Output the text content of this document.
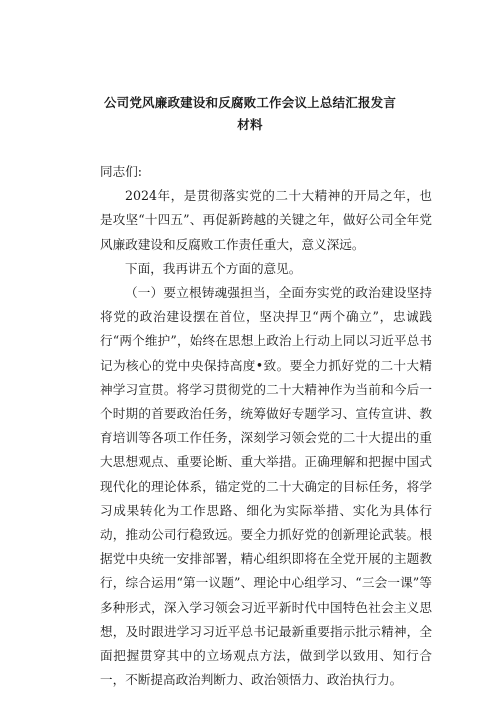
公司党风廉政建设和反腐败工作会议上总结汇报发言
材料

同志们:

2024年，是贯彻落实党的二十大精神的开局之年，也是攻坚“十四五”、再促新跨越的关键之年，做好公司全年党风廉政建设和反腐败工作责任重大，意义深远。

下面，我再讲五个方面的意见。

（一）要立根铸魂强担当，全面夯实党的政治建设坚持将党的政治建设摆在首位，坚决捍卫“两个确立”，忠诚践行“两个维护”，始终在思想上政治上行动上同以习近平总书记为核心的党中央保持高度•致。要全力抓好党的二十大精神学习宣贯。将学习贯彻党的二十大精神作为当前和今后一个时期的首要政治任务，统筹做好专题学习、宣传宣讲、教育培训等各项工作任务，深刻学习领会党的二十大提出的重大思想观点、重要论断、重大举措。正确理解和把握中国式现代化的理论体系，锚定党的二十大确定的目标任务，将学习成果转化为工作思路、细化为实际举措、实化为具体行动，推动公司行稳致远。要全力抓好党的创新理论武装。根据党中央统一安排部署，精心组织即将在全党开展的主题教行，综合运用“第一议题”、理论中心组学习、“三会一课”等多种形式，深入学习领会习近平新时代中国特色社会主义思想，及时跟进学习习近平总书记最新重要指示批示精神，全面把握贯穿其中的立场观点方法，做到学以致用、知行合一，不断提高政治判断力、政治领悟力、政治执行力。
